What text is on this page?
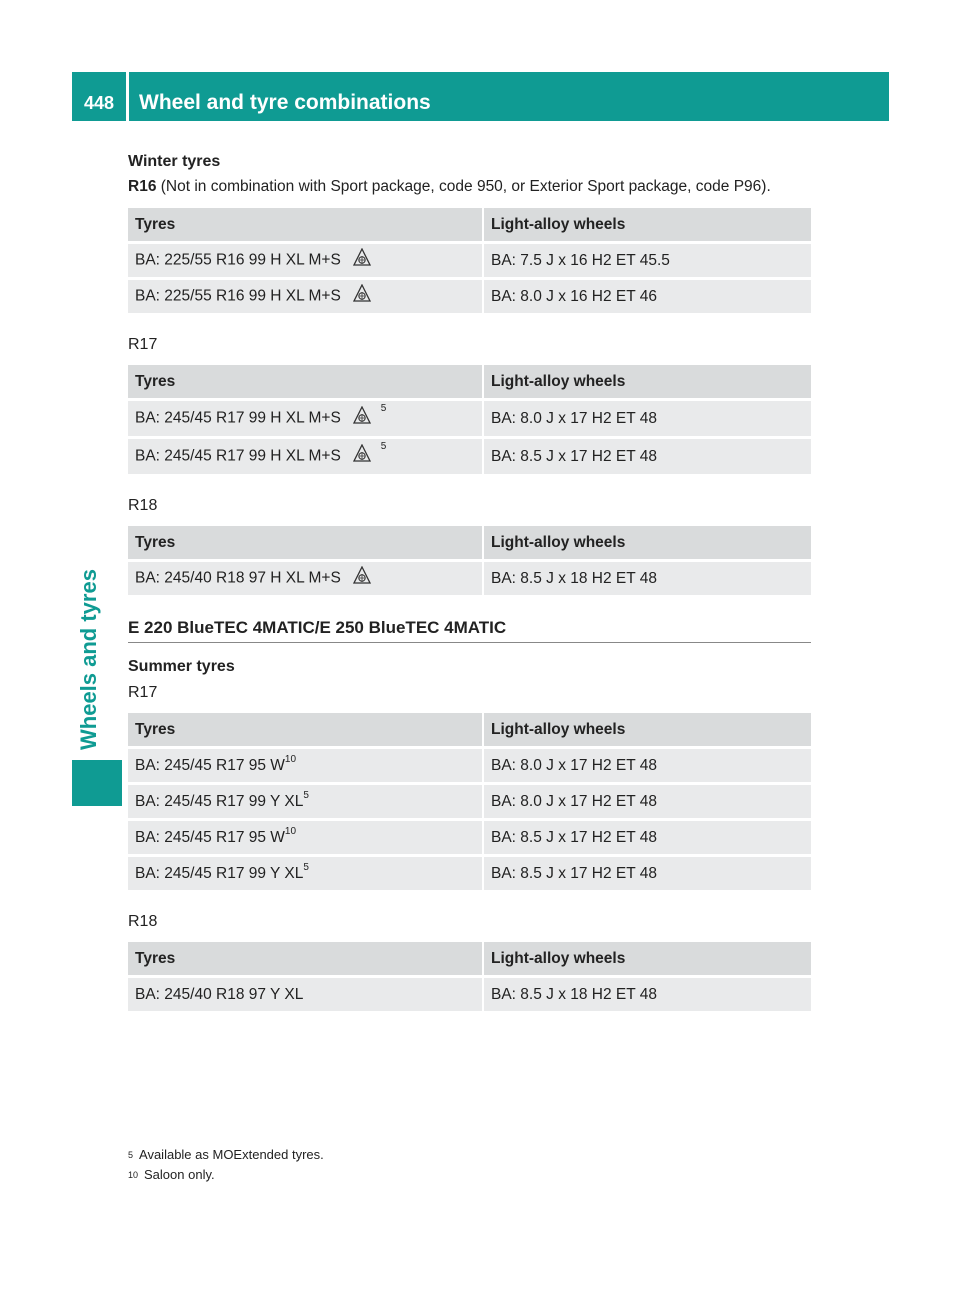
448	Wheel and tyre combinations
Wheels and tyres

Winter tyres

R16 (Not in combination with Sport package, code 950, or Exterior Sport package, code P96).

Tyres	Light-alloy wheels
BA: 225/55 R16 99 H XL M+S	BA: 7.5 J x 16 H2 ET 45.5
BA: 225/55 R16 99 H XL M+S	BA: 8.0 J x 16 H2 ET 46

R17

Tyres	Light-alloy wheels
BA: 245/45 R17 99 H XL $M+S^5$	BA: 8.0 J x 17 H2 ET 48
BA: 245/45 R17 99 H XL $M+S^5$	BA: 8.5 J x 17 H2 ET 48

R18

Tyres	Light-alloy wheels
BA: 245/40 R18 97 H XL M+S	BA: 8.5 J x 18 H2 ET 48

E 220 BlueTEC 4MATIC/E 250 BlueTEC 4MATIC

Summer tyres

R17

Tyres	Light-alloy wheels
BA: 245/45 R17 95 $W^{10}$	BA: 8.0 J x 17 H2 ET 48
BA: 245/45 R17 99 Y $XL^5$	BA: 8.0 J x 17 H2 ET 48
BA: 245/45 R17 95 $W^{10}$	BA: 8.5 J x 17 H2 ET 48
BA: 245/45 R17 99 Y $XL^5$	BA: 8.5 J x 17 H2 ET 48

R18

Tyres	Light-alloy wheels
BA: 245/40 R18 97 Y XL	BA: 8.5 J x 18 H2 ET 48
$^5$ Available as MOExtended tyres.
$^{10}$ Saloon only.
